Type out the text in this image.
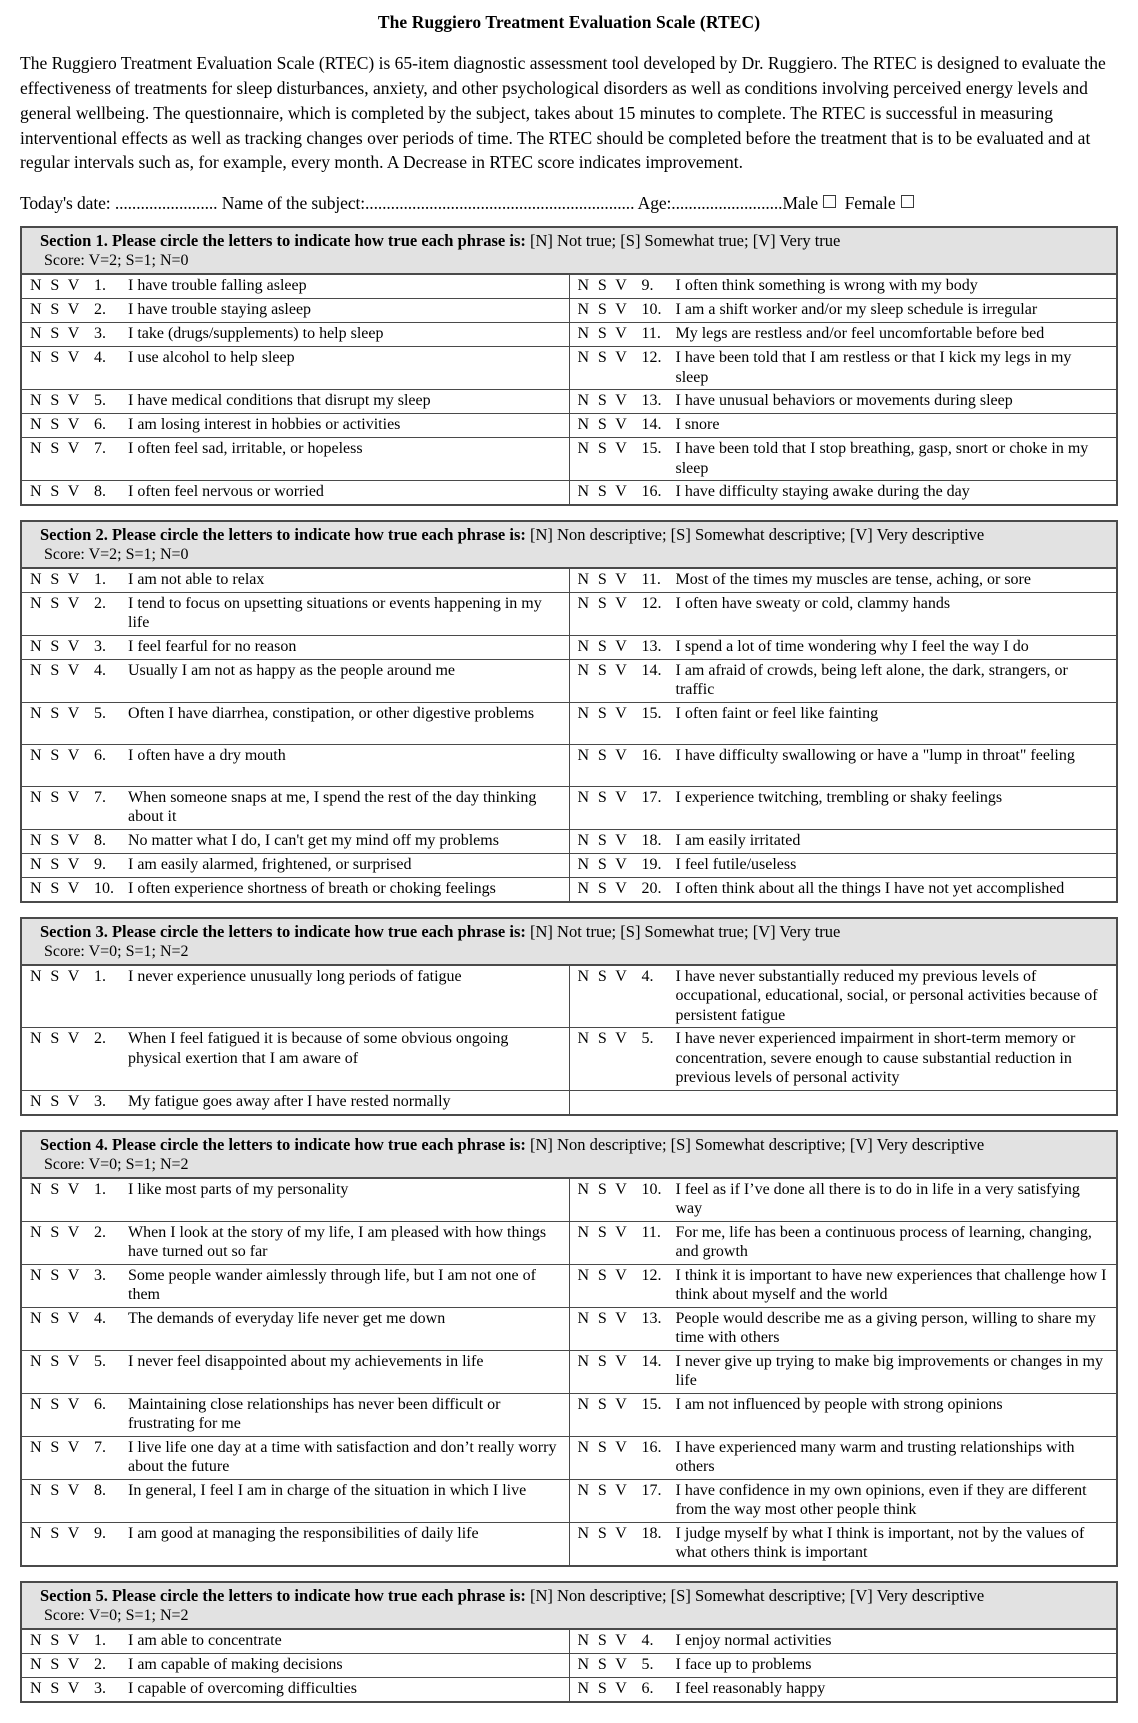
The Ruggiero Treatment Evaluation Scale (RTEC)

The Ruggiero Treatment Evaluation Scale (RTEC) is 65-item diagnostic assessment tool developed by Dr. Ruggiero. The RTEC is designed to evaluate the effectiveness of treatments for sleep disturbances, anxiety, and other psychological disorders as well as conditions involving perceived energy levels and general wellbeing. The questionnaire, which is completed by the subject, takes about 15 minutes to complete. The RTEC is successful in measuring interventional effects as well as tracking changes over periods of time. The RTEC should be completed before the treatment that is to be evaluated and at regular intervals such as, for example, every month. A Decrease in RTEC score indicates improvement.

Today's date: ........................ Name of the subject:............................................................... Age:..........................Male Female
Section 1. Please circle the letters to indicate how true each phrase is: [N] Not true; [S] Somewhat true; [V] Very true
Score: V=2; S=1; N=0
N S V 1. I have trouble falling asleep	N S V 9. I often think something is wrong with my body

N S V 2. I have trouble staying asleep	N S V 10. I am a shift worker and/or my sleep schedule is irregular

N S V 3. I take (drugs/supplements) to help sleep	N S V 11. My legs are restless and/or feel uncomfortable before bed

N S V 4. I use alcohol to help sleep	N S V 12. I have been told that I am restless or that I kick my legs in my sleep

N S V 5. I have medical conditions that disrupt my sleep	N S V 13. I have unusual behaviors or movements during sleep

N S V 6. I am losing interest in hobbies or activities	N S V 14. I snore

N S V 7. I often feel sad, irritable, or hopeless	N S V 15. I have been told that I stop breathing, gasp, snort or choke in my sleep

N S V 8. I often feel nervous or worried	N S V 16. I have difficulty staying awake during the day
Section 2. Please circle the letters to indicate how true each phrase is: [N] Non descriptive; [S] Somewhat descriptive; [V] Very descriptive
Score: V=2; S=1; N=0
N S V 1. I am not able to relax	N S V 11. Most of the times my muscles are tense, aching, or sore

N S V 2. I tend to focus on upsetting situations or events happening in my life	N S V 12. I often have sweaty or cold, clammy hands

N S V 3. I feel fearful for no reason	N S V 13. I spend a lot of time wondering why I feel the way I do

N S V 4. Usually I am not as happy as the people around me	N S V 14. I am afraid of crowds, being left alone, the dark, strangers, or traffic

N S V 5. Often I have diarrhea, constipation, or other digestive problems	N S V 15. I often faint or feel like fainting

N S V 6. I often have a dry mouth	N S V 16. I have difficulty swallowing or have a "lump in throat" feeling

N S V 7. When someone snaps at me, I spend the rest of the day thinking about it	N S V 17. I experience twitching, trembling or shaky feelings

N S V 8. No matter what I do, I can't get my mind off my problems	N S V 18. I am easily irritated

N S V 9. I am easily alarmed, frightened, or surprised	N S V 19. I feel futile/useless

N S V 10. I often experience shortness of breath or choking feelings	N S V 20. I often think about all the things I have not yet accomplished
Section 3. Please circle the letters to indicate how true each phrase is: [N] Not true; [S] Somewhat true; [V] Very true
Score: V=0; S=1; N=2
N S V 1. I never experience unusually long periods of fatigue	N S V 4. I have never substantially reduced my previous levels of occupational, educational, social, or personal activities because of persistent fatigue

N S V 2. When I feel fatigued it is because of some obvious ongoing physical exertion that I am aware of	N S V 5. I have never experienced impairment in short-term memory or concentration, severe enough to cause substantial reduction in previous levels of personal activity

N S V 3. My fatigue goes away after I have rested normally	

Section 4. Please circle the letters to indicate how true each phrase is: [N] Non descriptive; [S] Somewhat descriptive; [V] Very descriptive
Score: V=0; S=1; N=2
N S V 1. I like most parts of my personality	N S V 10. I feel as if I’ve done all there is to do in life in a very satisfying way

N S V 2. When I look at the story of my life, I am pleased with how things have turned out so far	N S V 11. For me, life has been a continuous process of learning, changing, and growth

N S V 3. Some people wander aimlessly through life, but I am not one of them	N S V 12. I think it is important to have new experiences that challenge how I think about myself and the world

N S V 4. The demands of everyday life never get me down	N S V 13. People would describe me as a giving person, willing to share my time with others

N S V 5. I never feel disappointed about my achievements in life	N S V 14. I never give up trying to make big improvements or changes in my life

N S V 6. Maintaining close relationships has never been difficult or frustrating for me	N S V 15. I am not influenced by people with strong opinions

N S V 7. I live life one day at a time with satisfaction and don’t really worry about the future	N S V 16. I have experienced many warm and trusting relationships with others

N S V 8. In general, I feel I am in charge of the situation in which I live	N S V 17. I have confidence in my own opinions, even if they are different from the way most other people think

N S V 9. I am good at managing the responsibilities of daily life	N S V 18. I judge myself by what I think is important, not by the values of what others think is important
Section 5. Please circle the letters to indicate how true each phrase is: [N] Non descriptive; [S] Somewhat descriptive; [V] Very descriptive
Score: V=0; S=1; N=2
N S V 1. I am able to concentrate	N S V 4. I enjoy normal activities

N S V 2. I am capable of making decisions	N S V 5. I face up to problems

N S V 3. I capable of overcoming difficulties	N S V 6. I feel reasonably happy
